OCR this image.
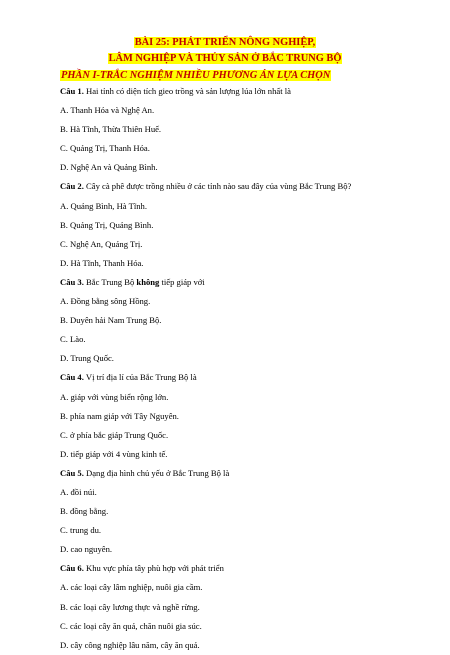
BÀI 25: PHÁT TRIỂN NÔNG NGHIỆP,
LÂM NGHIỆP VÀ THỦY SẢN Ở BẮC TRUNG BỘ
PHẦN I-TRẮC NGHIỆM NHIỀU PHƯƠNG ÁN LỰA CHỌN
Câu 1. Hai tỉnh có diện tích gieo trồng và sản lượng lúa lớn nhất là
A. Thanh Hóa và Nghệ An.
B. Hà Tĩnh, Thừa Thiên Huế.
C. Quảng Trị, Thanh Hóa.
D. Nghệ An và Quảng Bình.
Câu 2. Cây cà phê được trồng nhiều ở các tỉnh nào sau đây của vùng Bắc Trung Bộ?
A. Quảng Bình, Hà Tĩnh.
B. Quảng Trị, Quảng Bình.
C. Nghệ An, Quảng Trị.
D. Hà Tĩnh, Thanh Hóa.
Câu 3. Bắc Trung Bộ không tiếp giáp với
A. Đồng bằng sông Hồng.
B. Duyên hải Nam Trung Bộ.
C. Lào.
D. Trung Quốc.
Câu 4. Vị trí địa lí của Bắc Trung Bộ là
A. giáp với vùng biển rộng lớn.
B. phía nam giáp với Tây Nguyên.
C. ở phía bắc giáp Trung Quốc.
D. tiếp giáp với 4 vùng kinh tế.
Câu 5. Dạng địa hình chủ yếu ở Bắc Trung Bộ là
A. đồi núi.
B. đồng bằng.
C. trung du.
D. cao nguyên.
Câu 6. Khu vực phía tây phù hợp với phát triển
A. các loại cây lâm nghiệp, nuôi gia cầm.
B. các loại cây lương thực và nghề rừng.
C. các loại cây ăn quả, chăn nuôi gia súc.
D. cây công nghiệp lâu năm, cây ăn quả.
